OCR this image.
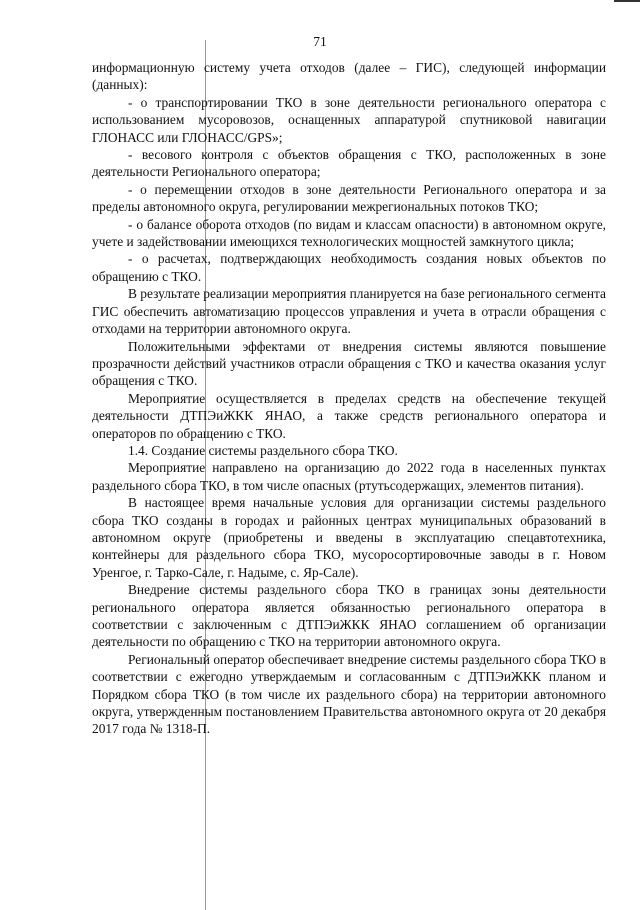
71

информационную систему учета отходов (далее – ГИС), следующей информации (данных):

- о транспортировании ТКО в зоне деятельности регионального оператора с использованием мусоровозов, оснащенных аппаратурой спутниковой навигации ГЛОНАСС или ГЛОНАСС/GPS»;

- весового контроля с объектов обращения с ТКО, расположенных в зоне деятельности Регионального оператора;

- о перемещении отходов в зоне деятельности Регионального оператора и за пределы автономного округа, регулировании межрегиональных потоков ТКО;

- о балансе оборота отходов (по видам и классам опасности) в автономном округе, учете и задействовании имеющихся технологических мощностей замкнутого цикла;

- о расчетах, подтверждающих необходимость создания новых объектов по обращению с ТКО.

В результате реализации мероприятия планируется на базе регионального сегмента ГИС обеспечить автоматизацию процессов управления и учета в отрасли обращения с отходами на территории автономного округа.

Положительными эффектами от внедрения системы являются повышение прозрачности действий участников отрасли обращения с ТКО и качества оказания услуг обращения с ТКО.

Мероприятие осуществляется в пределах средств на обеспечение текущей деятельности ДТПЭиЖКК ЯНАО, а также средств регионального оператора и операторов по обращению с ТКО.

1.4. Создание системы раздельного сбора ТКО.

Мероприятие направлено на организацию до 2022 года в населенных пунктах раздельного сбора ТКО, в том числе опасных (ртутьсодержащих, элементов питания).

В настоящее время начальные условия для организации системы раздельного сбора ТКО созданы в городах и районных центрах муниципальных образований в автономном округе (приобретены и введены в эксплуатацию спецавтотехника, контейнеры для раздельного сбора ТКО, мусоросортировочные заводы в г. Новом Уренгое, г. Тарко-Сале, г. Надыме, с. Яр-Сале).

Внедрение системы раздельного сбора ТКО в границах зоны деятельности регионального оператора является обязанностью регионального оператора в соответствии с заключенным с ДТПЭиЖКК ЯНАО соглашением об организации деятельности по обращению с ТКО на территории автономного округа.

Региональный оператор обеспечивает внедрение системы раздельного сбора ТКО в соответствии с ежегодно утверждаемым и согласованным с ДТПЭиЖКК планом и Порядком сбора ТКО (в том числе их раздельного сбора) на территории автономного округа, утвержденным постановлением Правительства автономного округа от 20 декабря 2017 года № 1318-П.
